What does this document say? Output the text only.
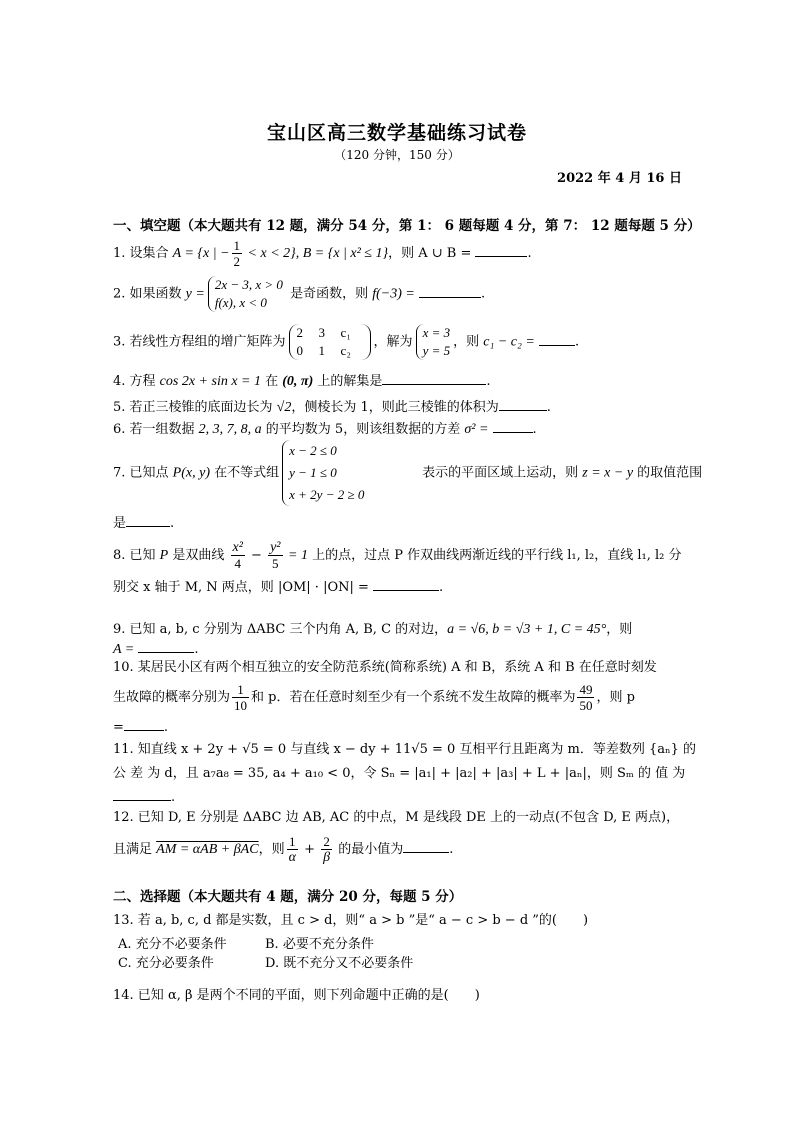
宝山区高三数学基础练习试卷
（120 分钟，150 分）
2022 年 4 月 16 日
一、填空题（本大题共有 12 题，满分 54 分，第 1： 6 题每题 4 分，第 7： 12 题每题 5 分）
1. 设集合 A = {x | − $\frac{1}{2} < x < 2$}, B = {x | x² ≤ 1}，则 A ∪ B =	.
2. 如果函数 y =
2x − 3, x > 0
f(x), x < 0
是奇函数，则 f(−3) =	.
3. 若线性方程组的增广矩阵为
2 3 c₁
0 1 c₂
，解为
x = 3
y = 5
，则 c₁ − c₂ =	.
4. 方程 cos 2x + sin x = 1 在 (0, π) 上的解集是	.
5. 若正三棱锥的底面边长为 √2，侧棱长为 1，则此三棱锥的体积为	.
6. 若一组数据 2, 3, 7, 8, a 的平均数为 5，则该组数据的方差 σ² =	.
7. 已知点 P(x, y) 在不等式组
x − 2 ≤ 0
y − 1 ≤ 0
x + 2y − 2 ≥ 0
表示的平面区域上运动，则 z = x − y 的取值范围
是	.
8. 已知 P 是双曲线 $\frac{\text{x²}}{4} - \frac{\text{y²}}{5} = 1$ 上的点，过点 P 作双曲线两渐近线的平行线 l₁, l₂，直线 l₁, l₂ 分
别交 x 轴于 M, N 两点，则 |OM| · |ON| =	.
9. 已知 a, b, c 分别为 ΔABC 三个内角 A, B, C 的对边，a = √6, b = √3 + 1, C = 45°，则
A =	.
10. 某居民小区有两个相互独立的安全防范系统(简称系统) A 和 B，系统 A 和 B 在任意时刻发
生故障的概率分别为 $\frac{1}{10}$ 和 p．若在任意时刻至少有一个系统不发生故障的概率为 $\frac{49}{50}$ ，则 p
=	.
11. 知直线 x + 2y + √5 = 0 与直线 x − dy + 11√5 = 0 互相平行且距离为 m．等差数列 {aₙ} 的
公 差 为 d，且 a₇a₈ = 35, a₄ + a₁₀ < 0，令 Sₙ = |a₁| + |a₂| + |a₃| + L + |aₙ|，则 Sₘ 的 值 为
.
12. 已知 D, E 分别是 ΔABC 边 AB, AC 的中点，M 是线段 DE 上的一动点(不包含 D, E 两点)，
且满足 AM = αAB + βAC，则 $\frac{1}{\alpha} + \frac{2}{\beta}$ 的最小值为	.
二、选择题（本大题共有 4 题，满分 20 分，每题 5 分）
13. 若 a, b, c, d 都是实数，且 c > d，则“ a > b ”是“ a − c > b − d ”的(　　)
A. 充分不必要条件	B. 必要不充分条件
C. 充分必要条件	D. 既不充分又不必要条件
14. 已知 α, β 是两个不同的平面，则下列命题中正确的是(　　)
